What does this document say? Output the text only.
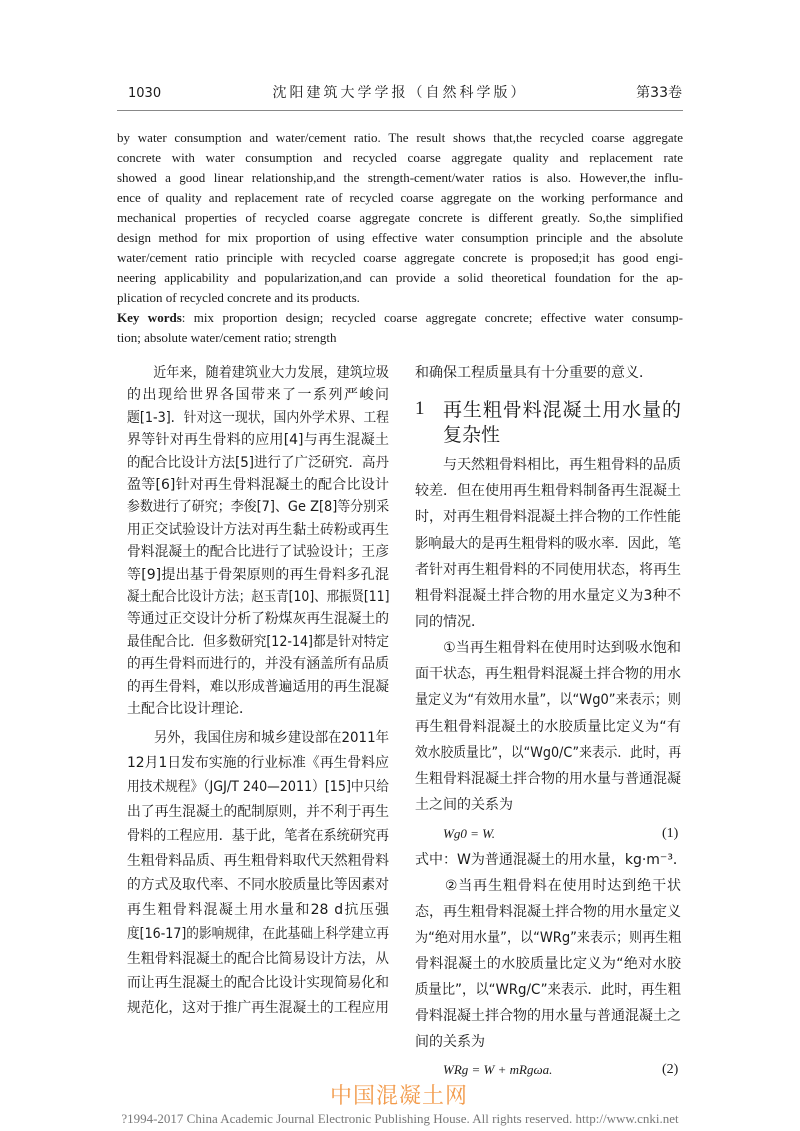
1030	沈阳建筑大学学报（自然科学版）	第33卷
by water consumption and water/cement ratio. The result shows that,the recycled coarse aggregate
concrete with water consumption and recycled coarse aggregate quality and replacement rate
showed a good linear relationship,and the strength-cement/water ratios is also. However,the influ-
ence of quality and replacement rate of recycled coarse aggregate on the working performance and
mechanical properties of recycled coarse aggregate concrete is different greatly. So,the simplified
design method for mix proportion of using effective water consumption principle and the absolute
water/cement ratio principle with recycled coarse aggregate concrete is proposed;it has good engi-
neering applicability and popularization,and can provide a solid theoretical foundation for the ap-
plication of recycled concrete and its products.
Key words: mix proportion design; recycled coarse aggregate concrete; effective water consump-
tion; absolute water/cement ratio; strength
　　近年来，随着建筑业大力发展，建筑垃圾
的出现给世界各国带来了一系列严峻问
题[1-3]．针对这一现状，国内外学术界、工程
界等针对再生骨料的应用[4]与再生混凝土
的配合比设计方法[5]进行了广泛研究．高丹
盈等[6]针对再生骨料混凝土的配合比设计
参数进行了研究；李俊[7]、Ge Z[8]等分别采
用正交试验设计方法对再生黏土砖粉或再生
骨料混凝土的配合比进行了试验设计；王彦
等[9]提出基于骨架原则的再生骨料多孔混
凝土配合比设计方法；赵玉青[10]、邢振贤[11]
等通过正交设计分析了粉煤灰再生混凝土的
最佳配合比．但多数研究[12-14]都是针对特定
的再生骨料而进行的，并没有涵盖所有品质
的再生骨料，难以形成普遍适用的再生混凝
土配合比设计理论．
　　另外，我国住房和城乡建设部在2011年
12月1日发布实施的行业标准《再生骨料应
用技术规程》（JGJ/T 240—2011）[15]中只给
出了再生混凝土的配制原则，并不利于再生
骨料的工程应用．基于此，笔者在系统研究再
生粗骨料品质、再生粗骨料取代天然粗骨料
的方式及取代率、不同水胶质量比等因素对
再生粗骨料混凝土用水量和28 d抗压强
度[16-17]的影响规律，在此基础上科学建立再
生粗骨料混凝土的配合比简易设计方法，从
而让再生混凝土的配合比设计实现简易化和
规范化，这对于推广再生混凝土的工程应用
和确保工程质量具有十分重要的意义．
再生粗骨料混凝土用水量的
复杂性
　　与天然粗骨料相比，再生粗骨料的品质
较差．但在使用再生粗骨料制备再生混凝土
时，对再生粗骨料混凝土拌合物的工作性能
影响最大的是再生粗骨料的吸水率．因此，笔
者针对再生粗骨料的不同使用状态，将再生
粗骨料混凝土拌合物的用水量定义为3种不
同的情况．
　　①当再生粗骨料在使用时达到吸水饱和
面干状态，再生粗骨料混凝土拌合物的用水
量定义为“有效用水量”，以“Wg0”来表示；则
再生粗骨料混凝土的水胶质量比定义为“有
效水胶质量比”，以“Wg0/C”来表示．此时，再
生粗骨料混凝土拌合物的用水量与普通混凝
土之间的关系为
Wg0 = W.	(1)
式中：W为普通混凝土的用水量，kg·m⁻³．
　　②当再生粗骨料在使用时达到绝干状
态，再生粗骨料混凝土拌合物的用水量定义
为“绝对用水量”，以“WRg”来表示；则再生粗
骨料混凝土的水胶质量比定义为“绝对水胶
质量比”，以“WRg/C”来表示．此时，再生粗
骨料混凝土拌合物的用水量与普通混凝土之
间的关系为
WRg = W + mRgωa.	(2)
1
中国混凝土网
?1994-2017 China Academic Journal Electronic Publishing House. All rights reserved. http://www.cnki.net
